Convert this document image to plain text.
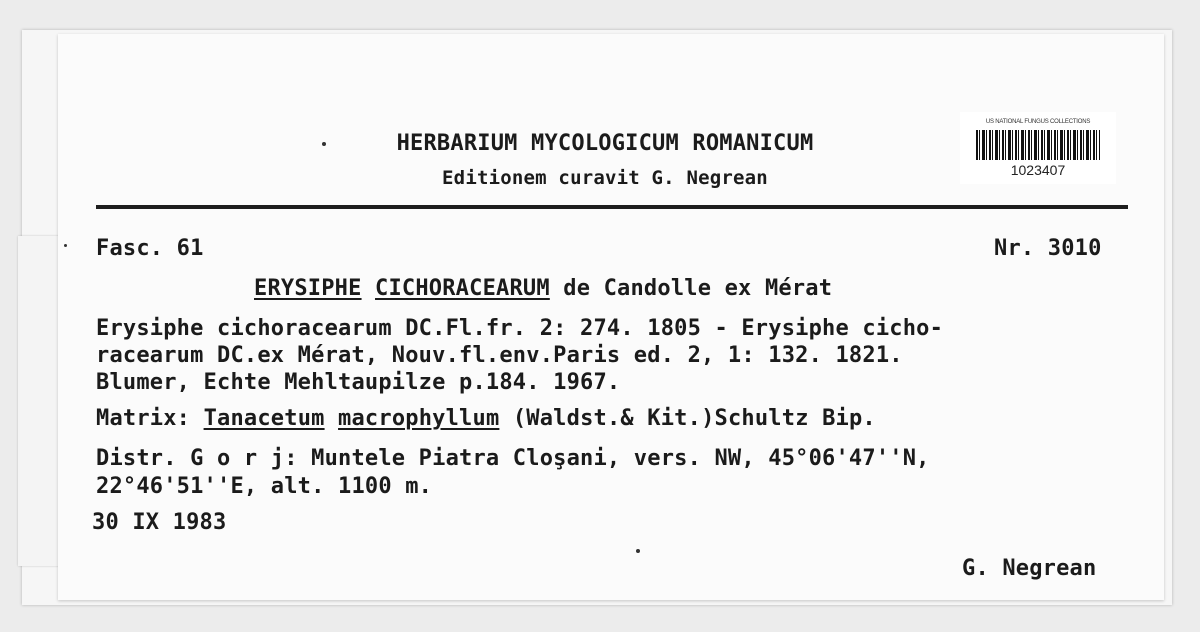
US NATIONAL FUNGUS COLLECTIONS
1023407
HERBARIUM MYCOLOGICUM ROMANICUM
Editionem curavit G. Negrean
Fasc. 61	Nr. 3010
ERYSIPHE CICHORACEARUM de Candolle ex Mérat
Erysiphe cichoracearum DC.Fl.fr. 2: 274. 1805 - Erysiphe cicho-
racearum DC.ex Mérat, Nouv.fl.env.Paris ed. 2, 1: 132. 1821.
Blumer, Echte Mehltaupilze p.184. 1967.
Matrix: Tanacetum macrophyllum (Waldst.& Kit.)Schultz Bip.
Distr. G o r j: Muntele Piatra Cloşani, vers. NW, 45°06'47''N,
22°46'51''E, alt. 1100 m.
30 IX 1983
G. Negrean
